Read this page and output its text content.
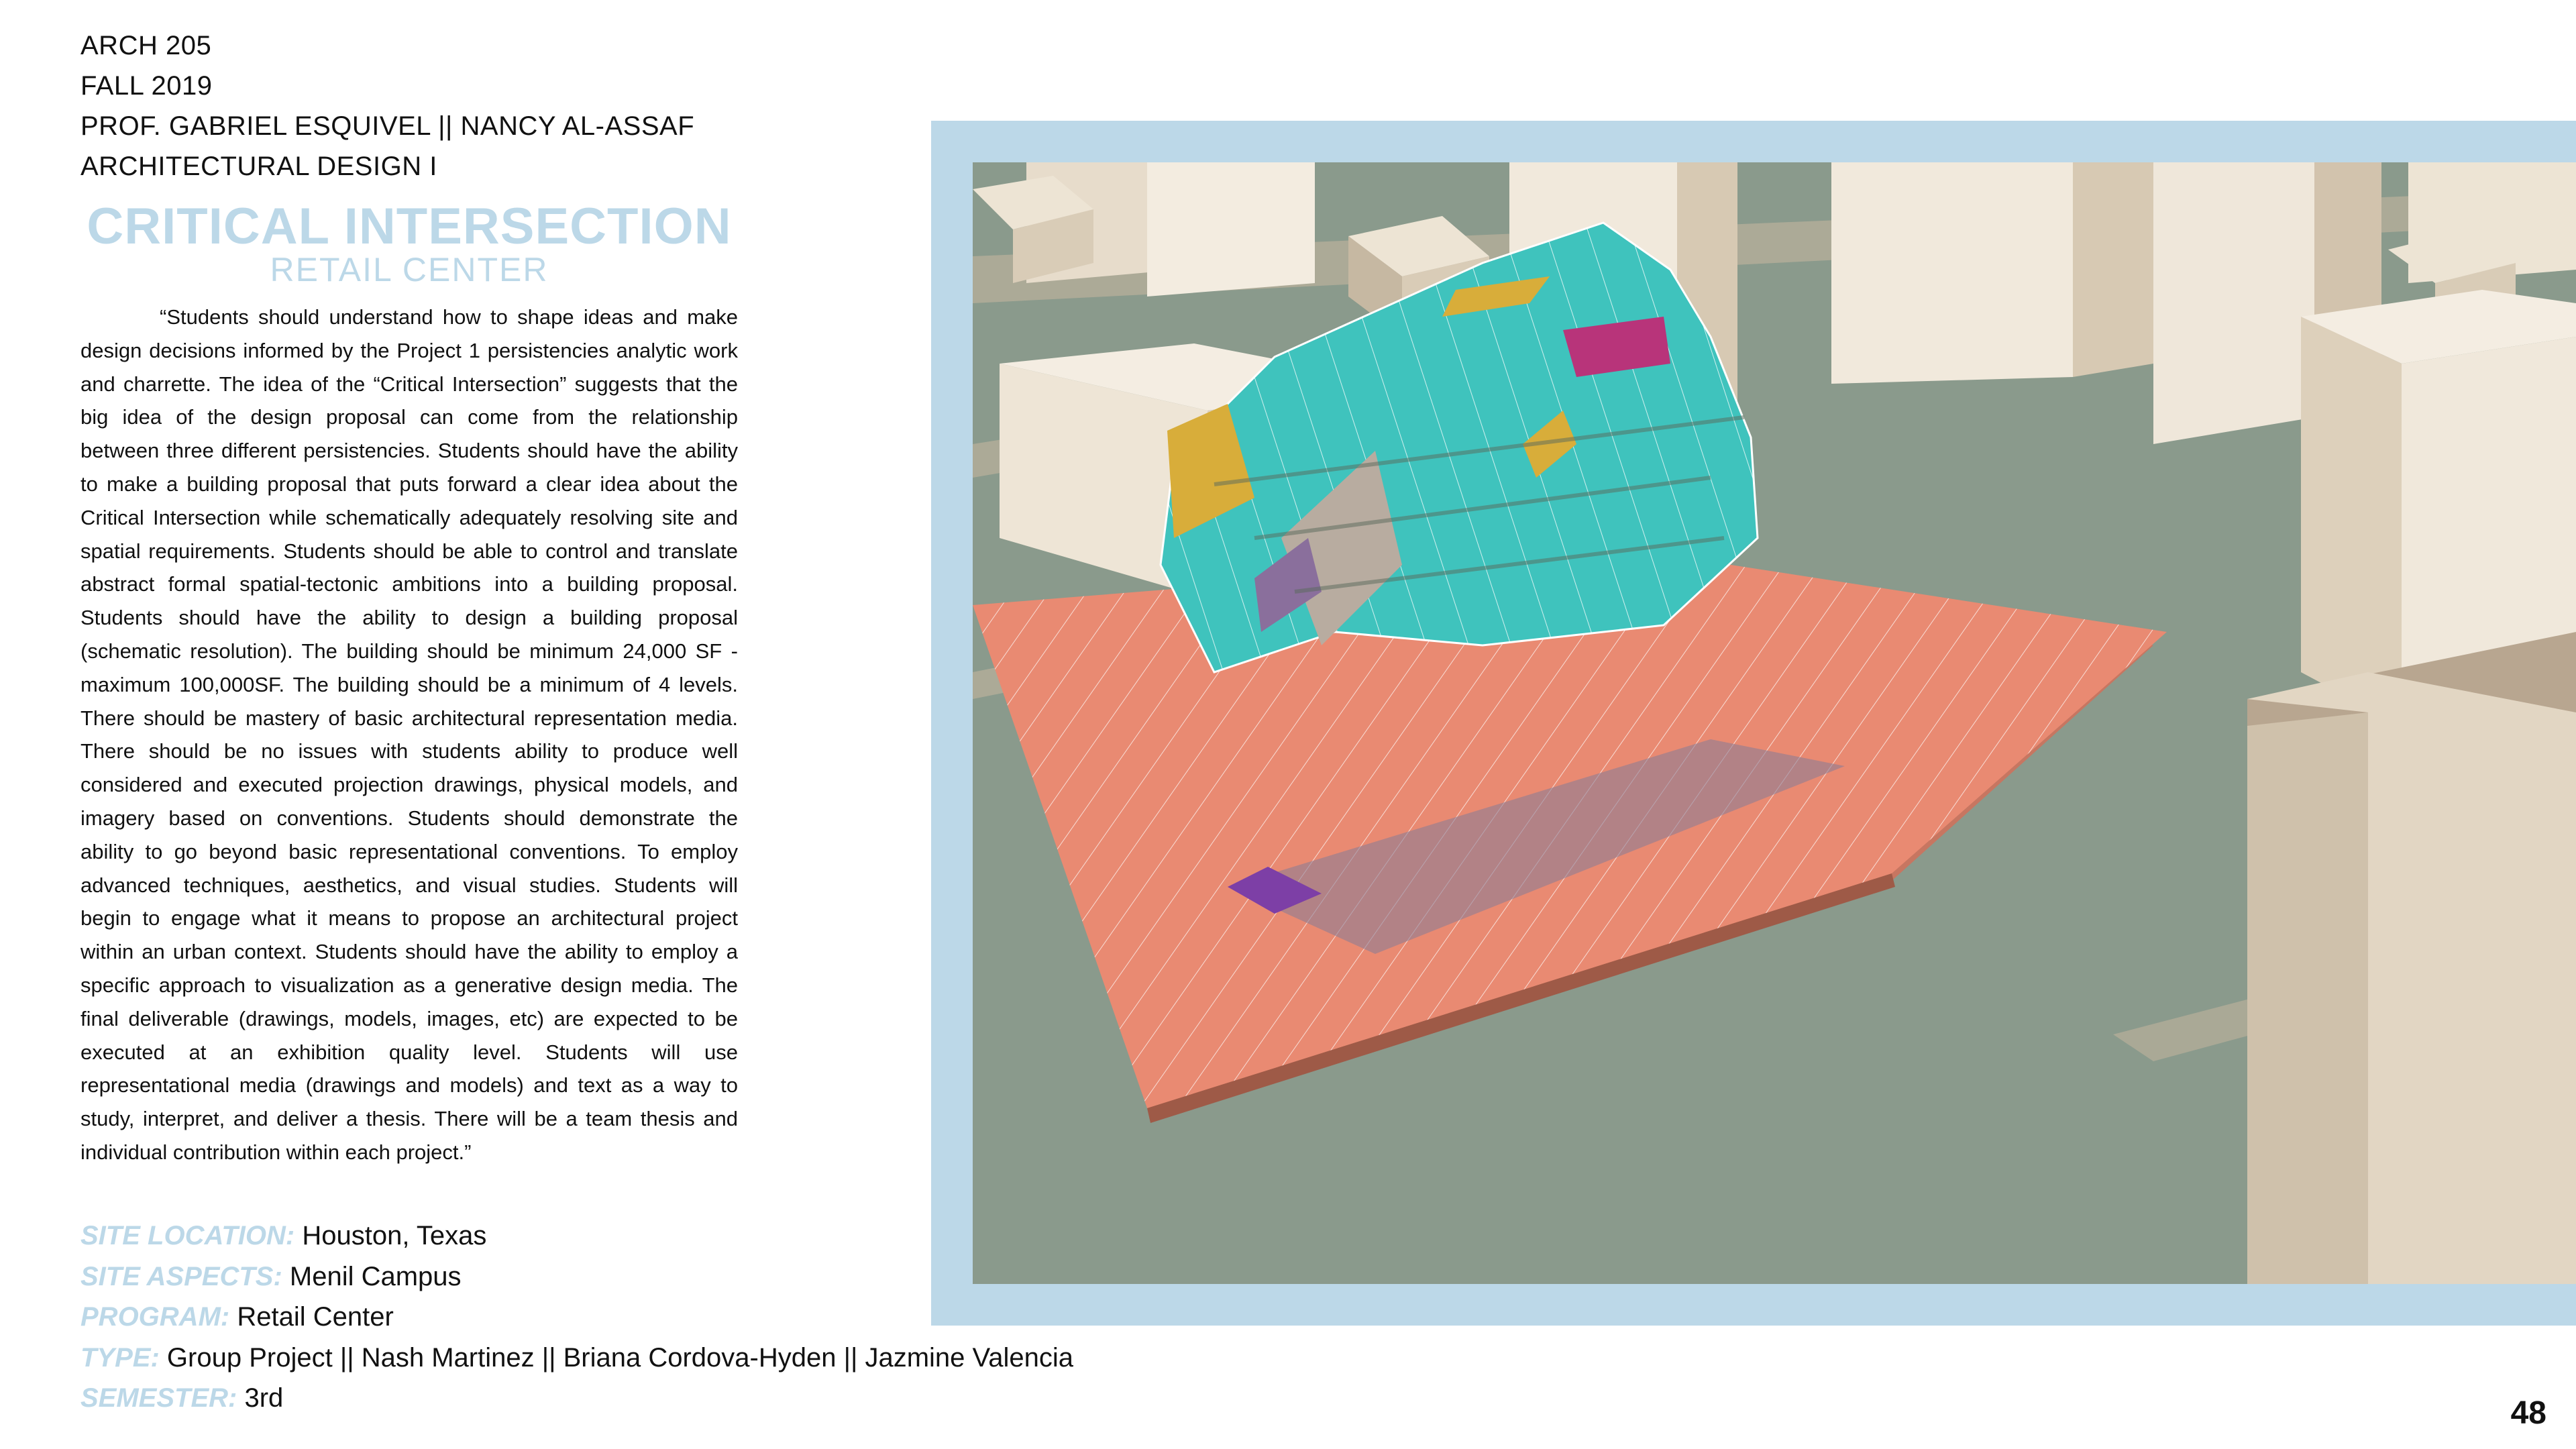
ARCH 205
FALL 2019
PROF. GABRIEL ESQUIVEL || NANCY AL-ASSAF
ARCHITECTURAL DESIGN I
CRITICAL INTERSECTION
RETAIL CENTER
“Students should understand how to shape ideas and make design decisions informed by the Project 1 persistencies analytic work and charrette. The idea of the “Critical Intersection” suggests that the big idea of the design proposal can come from the relationship between three different persistencies. Students should have the ability to make a building proposal that puts forward a clear idea about the Critical Intersection while schematically adequately resolving site and spatial requirements. Students should be able to control and translate abstract formal spatial-tectonic ambitions into a building proposal. Students should have the ability to design a building proposal (schematic resolution). The building should be minimum 24,000 SF - maximum 100,000SF. The building should be a minimum of 4 levels. There should be mastery of basic architectural representation media. There should be no issues with students ability to produce well considered and executed projection drawings, physical models, and imagery based on conventions. Students should demonstrate the ability to go beyond basic representational conventions. To employ advanced techniques, aesthetics, and visual studies. Students will begin to engage what it means to propose an architectural project within an urban context. Students should have the ability to employ a specific approach to visualization as a generative design media. The final deliverable (drawings, models, images, etc) are expected to be executed at an exhibition quality level. Students will use representational media (drawings and models) and text as a way to study, interpret, and deliver a thesis. There will be a team thesis and individual contribution within each project.”
SITE LOCATION: Houston, Texas
SITE ASPECTS: Menil Campus
PROGRAM: Retail Center
TYPE: Group Project || Nash Martinez || Briana Cordova-Hyden || Jazmine Valencia
SEMESTER: 3rd	48
